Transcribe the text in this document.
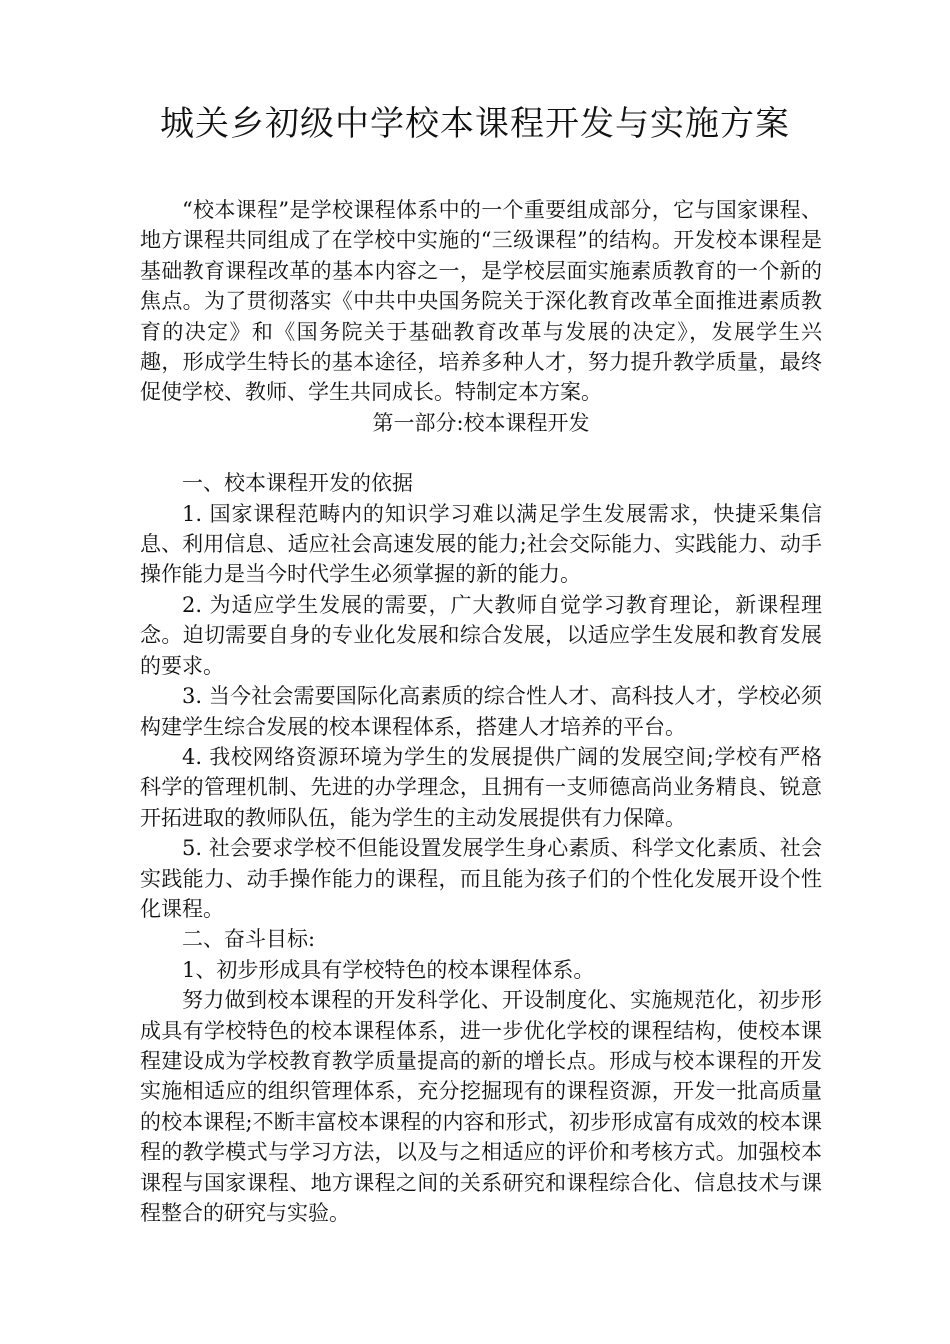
城关乡初级中学校本课程开发与实施方案

“校本课程”是学校课程体系中的一个重要组成部分，它与国家课程、地方课程共同组成了在学校中实施的“三级课程”的结构。开发校本课程是基础教育课程改革的基本内容之一，是学校层面实施素质教育的一个新的焦点。为了贯彻落实《中共中央国务院关于深化教育改革全面推进素质教育的决定》和《国务院关于基础教育改革与发展的决定》，发展学生兴趣，形成学生特长的基本途径，培养多种人才，努力提升教学质量，最终促使学校、教师、学生共同成长。特制定本方案。

第一部分:校本课程开发

一、校本课程开发的依据

1. 国家课程范畴内的知识学习难以满足学生发展需求，快捷采集信息、利用信息、适应社会高速发展的能力;社会交际能力、实践能力、动手操作能力是当今时代学生必须掌握的新的能力。

2. 为适应学生发展的需要，广大教师自觉学习教育理论，新课程理念。迫切需要自身的专业化发展和综合发展，以适应学生发展和教育发展的要求。

3. 当今社会需要国际化高素质的综合性人才、高科技人才，学校必须构建学生综合发展的校本课程体系，搭建人才培养的平台。

4. 我校网络资源环境为学生的发展提供广阔的发展空间;学校有严格科学的管理机制、先进的办学理念，且拥有一支师德高尚业务精良、锐意开拓进取的教师队伍，能为学生的主动发展提供有力保障。

5. 社会要求学校不但能设置发展学生身心素质、科学文化素质、社会实践能力、动手操作能力的课程，而且能为孩子们的个性化发展开设个性化课程。

二、奋斗目标:

1、初步形成具有学校特色的校本课程体系。

努力做到校本课程的开发科学化、开设制度化、实施规范化，初步形成具有学校特色的校本课程体系，进一步优化学校的课程结构，使校本课程建设成为学校教育教学质量提高的新的增长点。形成与校本课程的开发实施相适应的组织管理体系，充分挖掘现有的课程资源，开发一批高质量的校本课程;不断丰富校本课程的内容和形式，初步形成富有成效的校本课程的教学模式与学习方法，以及与之相适应的评价和考核方式。加强校本课程与国家课程、地方课程之间的关系研究和课程综合化、信息技术与课程整合的研究与实验。
